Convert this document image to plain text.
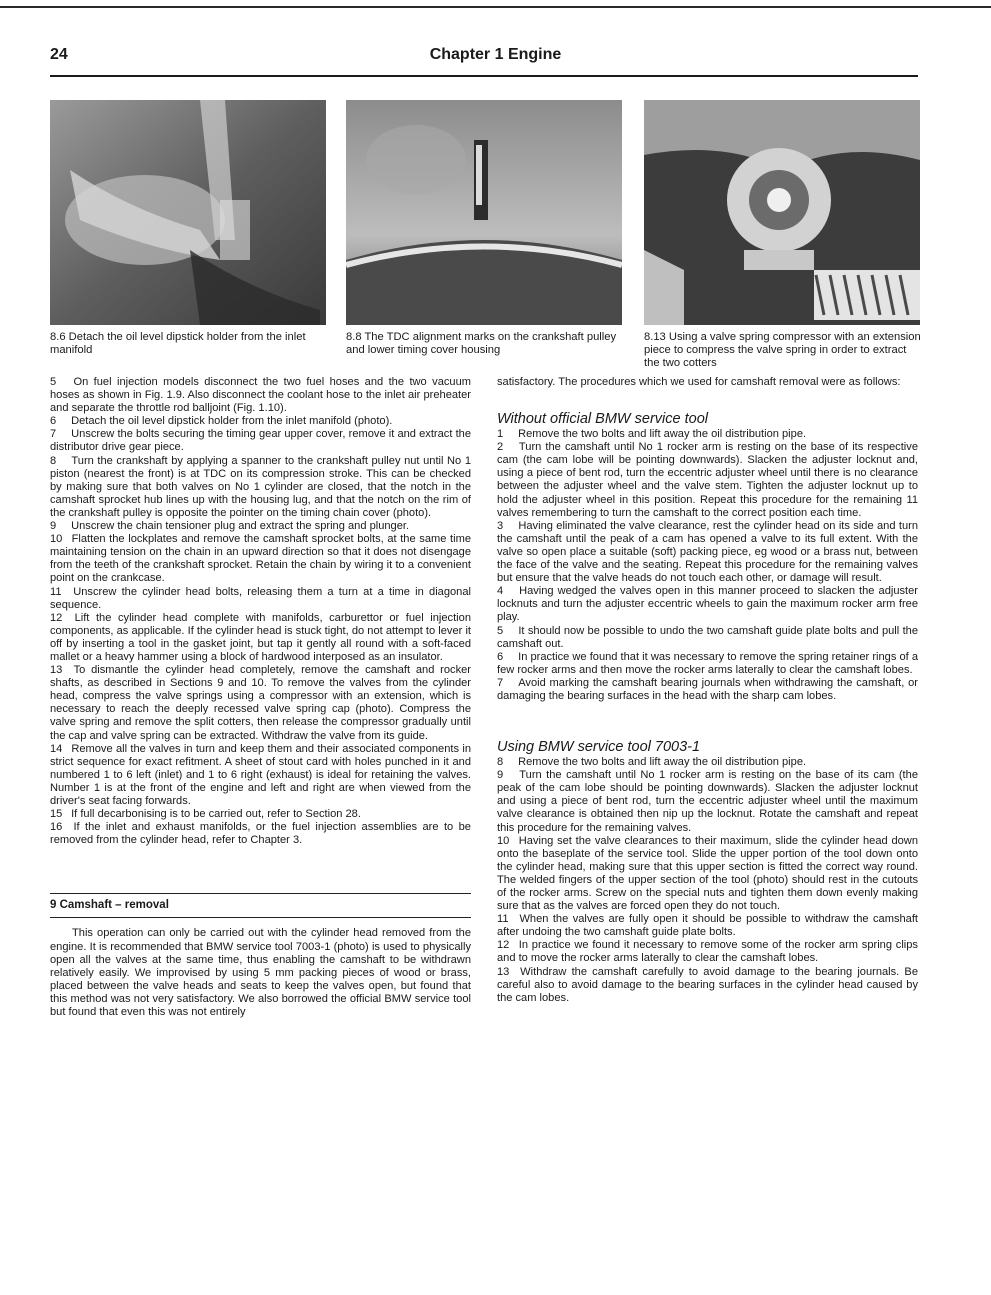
24	Chapter 1 Engine
8.6 Detach the oil level dipstick holder from the inlet manifold
8.8 The TDC alignment marks on the crankshaft pulley and lower timing cover housing
8.13 Using a valve spring compressor with an extension piece to compress the valve spring in order to extract the two cotters

5 On fuel injection models disconnect the two fuel hoses and the two vacuum hoses as shown in Fig. 1.9. Also disconnect the coolant hose to the inlet air preheater and separate the throttle rod balljoint (Fig. 1.10).

6 Detach the oil level dipstick holder from the inlet manifold (photo).

7 Unscrew the bolts securing the timing gear upper cover, remove it and extract the distributor drive gear piece.

8 Turn the crankshaft by applying a spanner to the crankshaft pulley nut until No 1 piston (nearest the front) is at TDC on its compression stroke. This can be checked by making sure that both valves on No 1 cylinder are closed, that the notch in the camshaft sprocket hub lines up with the housing lug, and that the notch on the rim of the crankshaft pulley is opposite the pointer on the timing chain cover (photo).

9 Unscrew the chain tensioner plug and extract the spring and plunger.

10 Flatten the lockplates and remove the camshaft sprocket bolts, at the same time maintaining tension on the chain in an upward direction so that it does not disengage from the teeth of the crankshaft sprocket. Retain the chain by wiring it to a convenient point on the crankcase.

11 Unscrew the cylinder head bolts, releasing them a turn at a time in diagonal sequence.

12 Lift the cylinder head complete with manifolds, carburettor or fuel injection components, as applicable. If the cylinder head is stuck tight, do not attempt to lever it off by inserting a tool in the gasket joint, but tap it gently all round with a soft-faced mallet or a heavy hammer using a block of hardwood interposed as an insulator.

13 To dismantle the cylinder head completely, remove the camshaft and rocker shafts, as described in Sections 9 and 10. To remove the valves from the cylinder head, compress the valve springs using a compressor with an extension, which is necessary to reach the deeply recessed valve spring cap (photo). Compress the valve spring and remove the split cotters, then release the compressor gradually until the cap and valve spring can be extracted. Withdraw the valve from its guide.

14 Remove all the valves in turn and keep them and their associated components in strict sequence for exact refitment. A sheet of stout card with holes punched in it and numbered 1 to 6 left (inlet) and 1 to 6 right (exhaust) is ideal for retaining the valves. Number 1 is at the front of the engine and left and right are when viewed from the driver's seat facing forwards.

15 If full decarbonising is to be carried out, refer to Section 28.

16 If the inlet and exhaust manifolds, or the fuel injection assemblies are to be removed from the cylinder head, refer to Chapter 3.

9 Camshaft – removal

This operation can only be carried out with the cylinder head removed from the engine. It is recommended that BMW service tool 7003-1 (photo) is used to physically open all the valves at the same time, thus enabling the camshaft to be withdrawn relatively easily. We improvised by using 5 mm packing pieces of wood or brass, placed between the valve heads and seats to keep the valves open, but found that this method was not very satisfactory. We also borrowed the official BMW service tool but found that even this was not entirely

satisfactory. The procedures which we used for camshaft removal were as follows:

Without official BMW service tool

1 Remove the two bolts and lift away the oil distribution pipe.

2 Turn the camshaft until No 1 rocker arm is resting on the base of its respective cam (the cam lobe will be pointing downwards). Slacken the adjuster locknut and, using a piece of bent rod, turn the eccentric adjuster wheel until there is no clearance between the adjuster wheel and the valve stem. Tighten the adjuster locknut up to hold the adjuster wheel in this position. Repeat this procedure for the remaining 11 valves remembering to turn the camshaft to the correct position each time.

3 Having eliminated the valve clearance, rest the cylinder head on its side and turn the camshaft until the peak of a cam has opened a valve to its full extent. With the valve so open place a suitable (soft) packing piece, eg wood or a brass nut, between the face of the valve and the seating. Repeat this procedure for the remaining valves but ensure that the valve heads do not touch each other, or damage will result.

4 Having wedged the valves open in this manner proceed to slacken the adjuster locknuts and turn the adjuster eccentric wheels to gain the maximum rocker arm free play.

5 It should now be possible to undo the two camshaft guide plate bolts and pull the camshaft out.

6 In practice we found that it was necessary to remove the spring retainer rings of a few rocker arms and then move the rocker arms laterally to clear the camshaft lobes.

7 Avoid marking the camshaft bearing journals when withdrawing the camshaft, or damaging the bearing surfaces in the head with the sharp cam lobes.

Using BMW service tool 7003-1

8 Remove the two bolts and lift away the oil distribution pipe.

9 Turn the camshaft until No 1 rocker arm is resting on the base of its cam (the peak of the cam lobe should be pointing downwards). Slacken the adjuster locknut and using a piece of bent rod, turn the eccentric adjuster wheel until the maximum valve clearance is obtained then nip up the locknut. Rotate the camshaft and repeat this procedure for the remaining valves.

10 Having set the valve clearances to their maximum, slide the cylinder head down onto the baseplate of the service tool. Slide the upper portion of the tool down onto the cylinder head, making sure that this upper section is fitted the correct way round. The welded fingers of the upper section of the tool (photo) should rest in the cutouts of the rocker arms. Screw on the special nuts and tighten them down evenly making sure that as the valves are forced open they do not touch.

11 When the valves are fully open it should be possible to withdraw the camshaft after undoing the two camshaft guide plate bolts.

12 In practice we found it necessary to remove some of the rocker arm spring clips and to move the rocker arms laterally to clear the camshaft lobes.

13 Withdraw the camshaft carefully to avoid damage to the bearing journals. Be careful also to avoid damage to the bearing surfaces in the cylinder head caused by the cam lobes.
